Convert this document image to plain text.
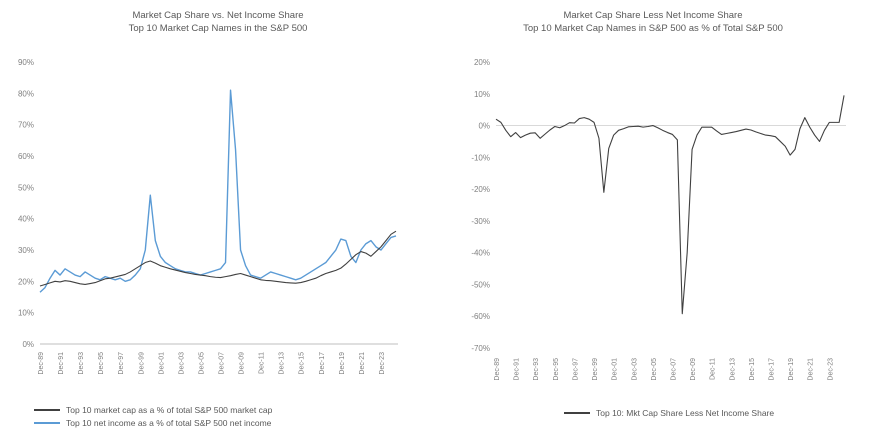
Market Cap Share vs. Net Income Share
Top 10 Market Cap Names in the S&P 500
0%
10%
20%
30%
40%
50%
60%
70%
80%
90%
Dec-89 Dec-91 Dec-93 Dec-95 Dec-97 Dec-99 Dec-01 Dec-03 Dec-05 Dec-07 Dec-09 Dec-11 Dec-13 Dec-15 Dec-17 Dec-19 Dec-21 Dec-23
Top 10 market cap as a % of total S&P 500 market cap
Top 10 net income as a % of total S&P 500 net income
Market Cap Share Less Net Income Share
Top 10 Market Cap Names in S&P 500 as % of Total S&P 500
-70%
-60%
-50%
-40%
-30%
-20%
-10%
0%
10%
20%
Dec-89 Dec-91 Dec-93 Dec-95 Dec-97 Dec-99 Dec-01 Dec-03 Dec-05 Dec-07 Dec-09 Dec-11 Dec-13 Dec-15 Dec-17 Dec-19 Dec-21 Dec-23
Top 10: Mkt Cap Share Less Net Income Share
